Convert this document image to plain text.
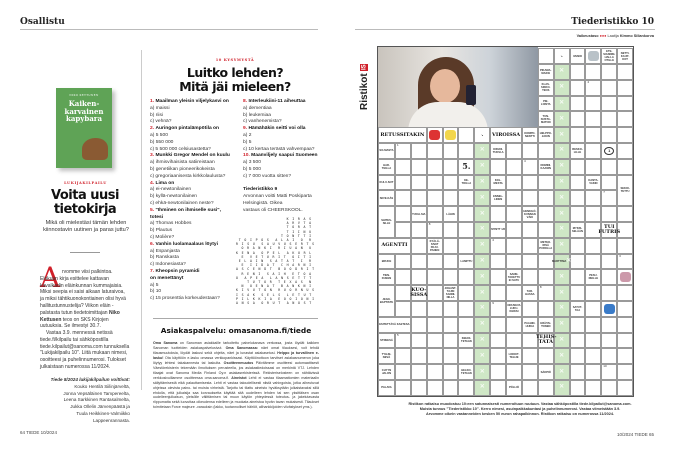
Osallistu
NIKO KETTUNEN
Kaiken-karvainen kapybara
LUKIJAKILPAILU
Voita uusi
tietokirja
Mikä oli mielestäsi tämän lehden kiinnostavin uutinen ja paras juttu?
A rvomme viisi palkintoa. Elokuun kirja esittelee kattavan kavalkadin eläinkunnan kummajaisia. Miksi seepia ei saisi aikaan laturaivoa, ja miksi tähtikuonokontiainen olisi hyvä hallitustunnustelija? Viikon eläin -palstasta tutun tiedetoimittajan Niko Kettusen teos on SKS Kirjojen uutuuksia. Se ilmestyi 30.7.
Vastaa 3.9. mennessä netissä tiede.fi/kilpailu tai sähköpostilla tiede.kilpailut@sanoma.com tunnuksella "Lukijakilpailu 10". Liitä mukaan nimesi, osoitteesi ja puhelinnumerosi. Tulokset julkaistaan numerossa 11/2024.
Tiede 8/2024 lukijakilpailun voittivat:
Kouko Hentilä Siilinjärveltä,
Jonna Vepsäläinen Tampereelta,
Leena Sarkkinen Rantasalmelta,
Jukka Ollelin Järvenpäästä ja
Tuula Heikkinen-Valmiikko Lappeenrannasta.
64 TIEDE 10/2024
10 KYSYMYSTÄ
Luitko lehden?
Mitä jäi mieleen?
1. Maailman yleisin viljelykasvi on
a) maissi
b) riisi
c) vehnä?
2. Auringon pintalämpötila on
a) 5 500
b) 550 000
c) 5 500 000 celsiusastetta?
3. Munkki Gregor Mendel on kuulu
a) ihmisvihaisista satiireistaan
b) genetiikan pioneerikokeista
c) gregoriaanisesta kirkkolaulusta?
4. Lima on
a) ei-newtonilainen
b) kyllä-newtonilainen
c) ehkä-newtonilainen neste?
5. "Ihminen on ihmiselle susi",
totesi
a) Thomas Hobbes
b) Plautus
c) Molière?
6. Vanhin luolamaalaus löytyi
a) Espanjasta
b) Ranskasta
c) Indonesiasta?
7. Kheopsin pyramidi
on menettänyt
a) 5
b) 10
c) 15 prosenttia korkeudestaan?
8. Interleukiini-11 aiheuttaa
a) dementiaa
b) leukemiaa
c) vanhenemista?
9. Hämähäkin seitti voi olla
a) 2
b) 5
c) 10 kertaa terästä vahvempaa?
10. Maanviljely saapui Suomeen
a) 3 500
b) 5 000
c) 7 000 vuotta sitten?

Tiederistikko 9
Arvonnan voitti Matti Poskiparta
Helsingistä. Oikea
vastaus oli CHEERSKOOL.
K I R A S
A R V T A
T O R A T
T I I N U
T O N T T I
T O I P O S  A L A I  O  R
R I S U  S A U V U S E R T S
O R A N K I  R I U A N  U
K E N A  O P E L  A K U R L
E  V E T U R I T  O I T I
E L A I N  S A T A T  I  R
E  I I D A T  C H A R N I
A S C E N D T  B O O D R I T
R E N I  S A I H  E T O A
O  A P E A  L A N S E T T T
T U T O R  T E X A S  N
N  O E N A T  B A N K N I
K I V U T O N  R U O R N U S
I S A K  S E L S  L E T U T
P I L K K I A  E O O I O N I
A N S A  O R U T  A N O S T
Asiakaspalvelu: omasanoma.fi/tiede
Oma Sanoma on Sanoman asiakkaille tarkoitettu palvelukanava verkossa, josta löydät kaikken Sanoman tuotteiden asiakaspalvelusivut. Oma Sanomassa: näet omat tilauksesi, voit tehdä tilausmuutoksia, löydät laskusi sekä ohjeita, näet ja lunastat asiakasetusi. Helppo ja turvallinen e-lasku! Ota käyttöön e-lasku omassa verkkopankissasi. Käyttöönottoon tarvitset asiakasnumeron joka löytyy lehtesi takakannesta tai laskulta. Osoitteenmuutos Päivitämme osoitteesi automaattisesti Väestörekisterin tekemään ilmoituksen perusteella, jos asiakastiedoissasi on merkintä VTJ. Lehden tilaajat ovat Sanoma Media Finland Oy:n asiakasrekisterissä. Rekisteriselosteen on nähtävissä verkkosivuillamme osoitteessa oma.sanoma.fi. Aineistot Lehti ei vastaa tilaamattomien materiaalin säilyttämisestä eikä palauttamisesta. Lehti ei vastaa taloudellisesti niistä vahingoista, jotka aiheutuvat ohjeissa olevista paino- tai muista virheistä. Tarjottu tai tilattu aineisto hyväksytään julkaistavaksi sillä ehdolla, että julkaisija saa korvauksetta käyttää sitä uudelleen lehden tai sen yksittäisen osan uudelleenjulkaisun, yleisölle välittämisen tai muun käytön yhteydessä toteutus- ja jakelutavasta riippumatta sekä luovuttaa oikeudensa edelleen ja muokata aineistoa hyvän tavan mukaisesti. Tilaukset toimitetaan Force majeure -varauksin (lakko, tuotannolliset häiriöt, alihankkijoiden viivästykset yms.).
Tiederistikko 10
Vaikeustaso ●●● Laatija Kimmo Sillankorva
Ristikot
IS
✕
✕
✕
✕
✕
✕
✕
✕
✕
✕
✕
✕
✕
✕
✕
✕
✕
✕
✕
✕
✕
✕
✕
✕
✕
✕
✕
✕
✕
✕
✕
✕
✕
✕
✕
✕
↘	VAINIO
ETE-SIANNIN-HALLA OTILLE
NETTI-KAUP-KOT
PIKAMA-MAKSI
KLAS-SIKKO-TEOS
2
PIE-LOISTA
TUN-NUSTA-MATON
RETUSSITAKIN	↘ VIROISSA	KOMPO-NENTTI
HELPPO-JAKIN
SO-MASTA
1
KIRJOI-TUKSI-A
RESKO-LILLE	1
HAR-TEILLA	5.
4
DOMINI-KAANIN
KULU-NUT	KE-TOILLA
KOL-MESTA
KANTA-VAKIN
SEKOI-TETTU
SIIVE-KÄS	ENNEL-LINEN
7
SHITES-SILLE
TUOLI-SIA	LÄHIN
HENKILÖ-KUNNAN VÄKI
8
MYNTT 1/6	MYKIS-SELÄÄN
TUI FUTRIS
AGENTTI
KYÄLÄ-SIVAT PAJU-PANEN
4
METEO-RISÄ PUROLLA
BRUCE	LAMITTU	MARTTIMA
✕
3
TIEN-DUEEN
SANN-TAKETTU EI SATU
PESU-REILLE
JEAN-BAPTISTE
KUO-SISSA
JOHANT-TAJIN SANNI-NILLA
TAR-HASSA
8
9
NOUSEVA LUKU-KEIKSI
SATUT-TAA
ESITETTÄVÄ KAETESA	PAAHIN-HUKIA
ERÄTAI-TONEN
STREESÄ
5
KEHOI-TETAAN
TEHIS-TÄTÄ
TYHJE-NEVÄ
LOKKIT-TELIJE
CHYYN JALON
HELKO-TETAAN	SÄKPIÖ
10
PALAVA	PÖLLIÖ
Ristikon ratkaisu muodostuu 10:een satunnaisesti numeroituun ruutuun. Vastaa sähköpostilla tiede.kilpailut@sanoma.com.
Muista tunnus "Tiederistikko 10". Kerro nimesi, asuinpaikkakuntasi ja puhelinnumerosi. Vastaa viimeistään 3.9.
Arvomme oikein vastanneiden kesken 50 euron rahapalkinnon. Ristikon ratkaisu on numerossa 11/2024.
10/2024 TIEDE 65
